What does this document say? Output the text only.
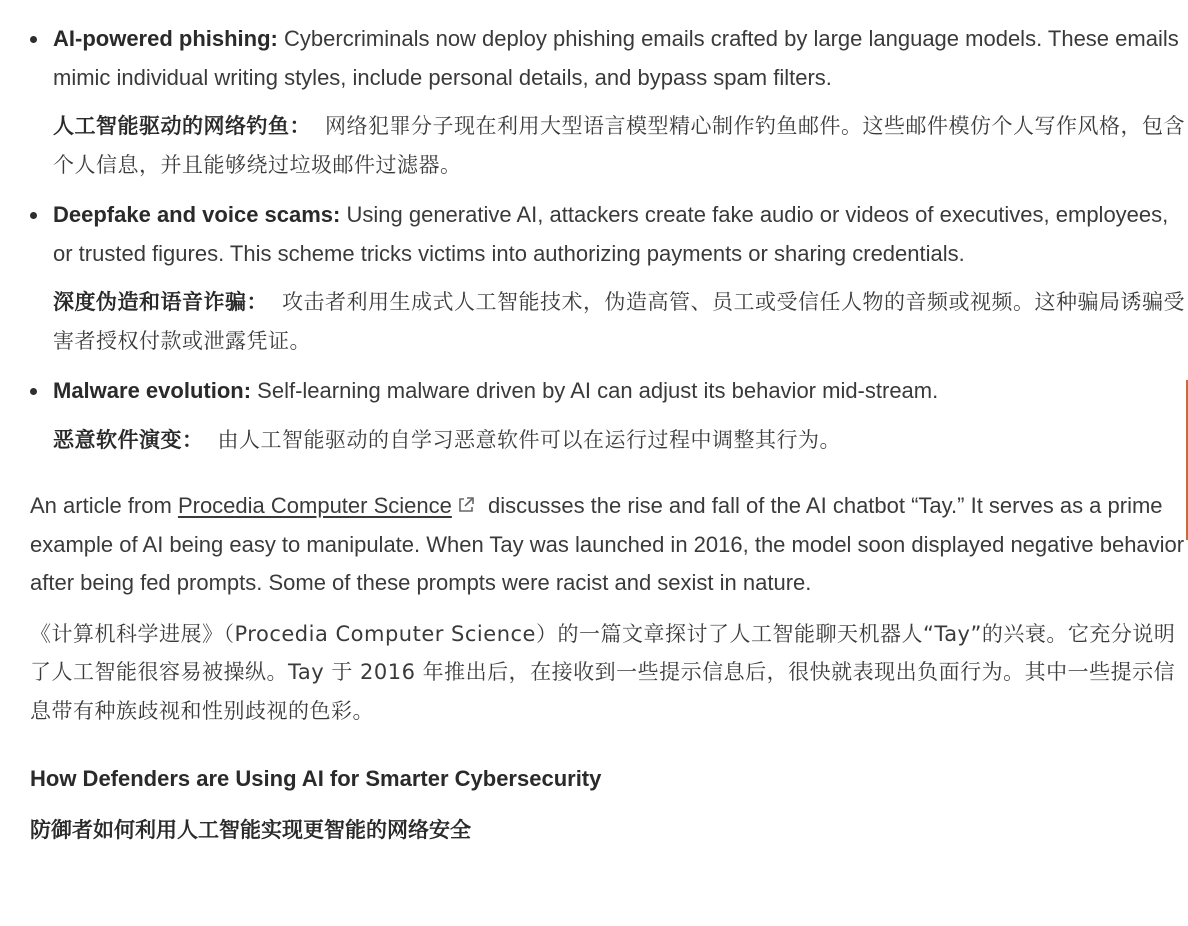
AI-powered phishing: Cybercriminals now deploy phishing emails crafted by large language models. These emails mimic individual writing styles, include personal details, and bypass spam filters.

人工智能驱动的网络钓鱼： 网络犯罪分子现在利用大型语言模型精心制作钓鱼邮件。这些邮件模仿个人写作风格，包含个人信息，并且能够绕过垃圾邮件过滤器。

Deepfake and voice scams: Using generative AI, attackers create fake audio or videos of executives, employees, or trusted figures. This scheme tricks victims into authorizing payments or sharing credentials.

深度伪造和语音诈骗： 攻击者利用生成式人工智能技术，伪造高管、员工或受信任人物的音频或视频。这种骗局诱骗受害者授权付款或泄露凭证。

Malware evolution: Self-learning malware driven by AI can adjust its behavior mid-stream.

恶意软件演变： 由人工智能驱动的自学习恶意软件可以在运行过程中调整其行为。

An article from Procedia Computer Science discusses the rise and fall of the AI chatbot “Tay.” It serves as a prime example of AI being easy to manipulate. When Tay was launched in 2016, the model soon displayed negative behavior after being fed prompts. Some of these prompts were racist and sexist in nature.

《计算机科学进展》（Procedia Computer Science）的一篇文章探讨了人工智能聊天机器人“Tay”的兴衰。它充分说明了人工智能很容易被操纵。Tay 于 2016 年推出后，在接收到一些提示信息后，很快就表现出负面行为。其中一些提示信息带有种族歧视和性别歧视的色彩。

How Defenders are Using AI for Smarter Cybersecurity

防御者如何利用人工智能实现更智能的网络安全
